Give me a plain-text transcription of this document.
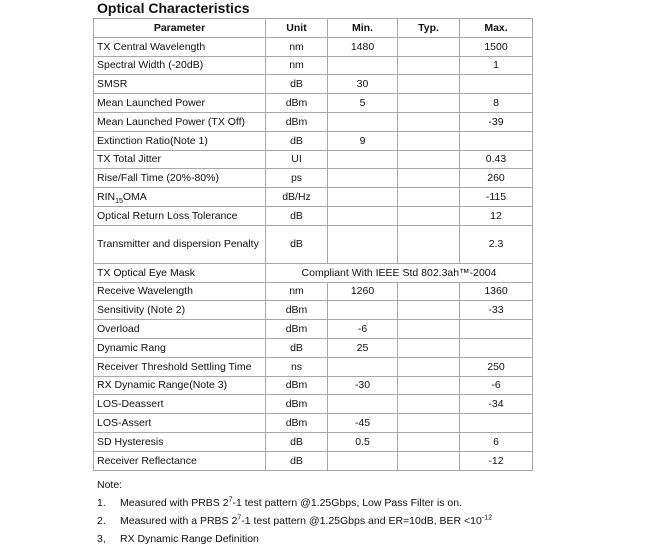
Optical Characteristics
Parameter	Unit	Min.	Typ.	Max.
TX Central Wavelength	nm	1480		1500
Spectral Width (-20dB)	nm			1
SMSR	dB	30		
Mean Launched Power	dBm	5		8
Mean Launched Power (TX Off)	dBm			-39
Extinction Ratio(Note 1)	dB	9		
TX Total Jitter	UI			0.43
Rise/Fall Time (20%-80%)	ps			260
$RIN_{15}OMA$	dB/Hz			-115
Optical Return Loss Tolerance	dB			12
Transmitter and dispersion Penalty	dB			2.3
TX Optical Eye Mask	Compliant With IEEE Std 802.3ah™-2004			
Receive Wavelength	nm	1260		1360
Sensitivity (Note 2)	dBm			-33
Overload	dBm	-6		
Dynamic Rang	dB	25		
Receiver Threshold Settling Time	ns			250
RX Dynamic Range(Note 3)	dBm	-30		-6
LOS-Deassert	dBm			-34
LOS-Assert	dBm	-45		
SD Hysteresis	dB	0.5		6
Receiver Reflectance	dB			-12
Note:
1. Measured with PRBS $2^7-1$ test pattern @1.25Gbps, Low Pass Filter is on.
2. Measured with a PRBS $2^7-1$ test pattern @1.25Gbps and ER=10dB, BER $<10^{-12}$
3, RX Dynamic Range Definition
